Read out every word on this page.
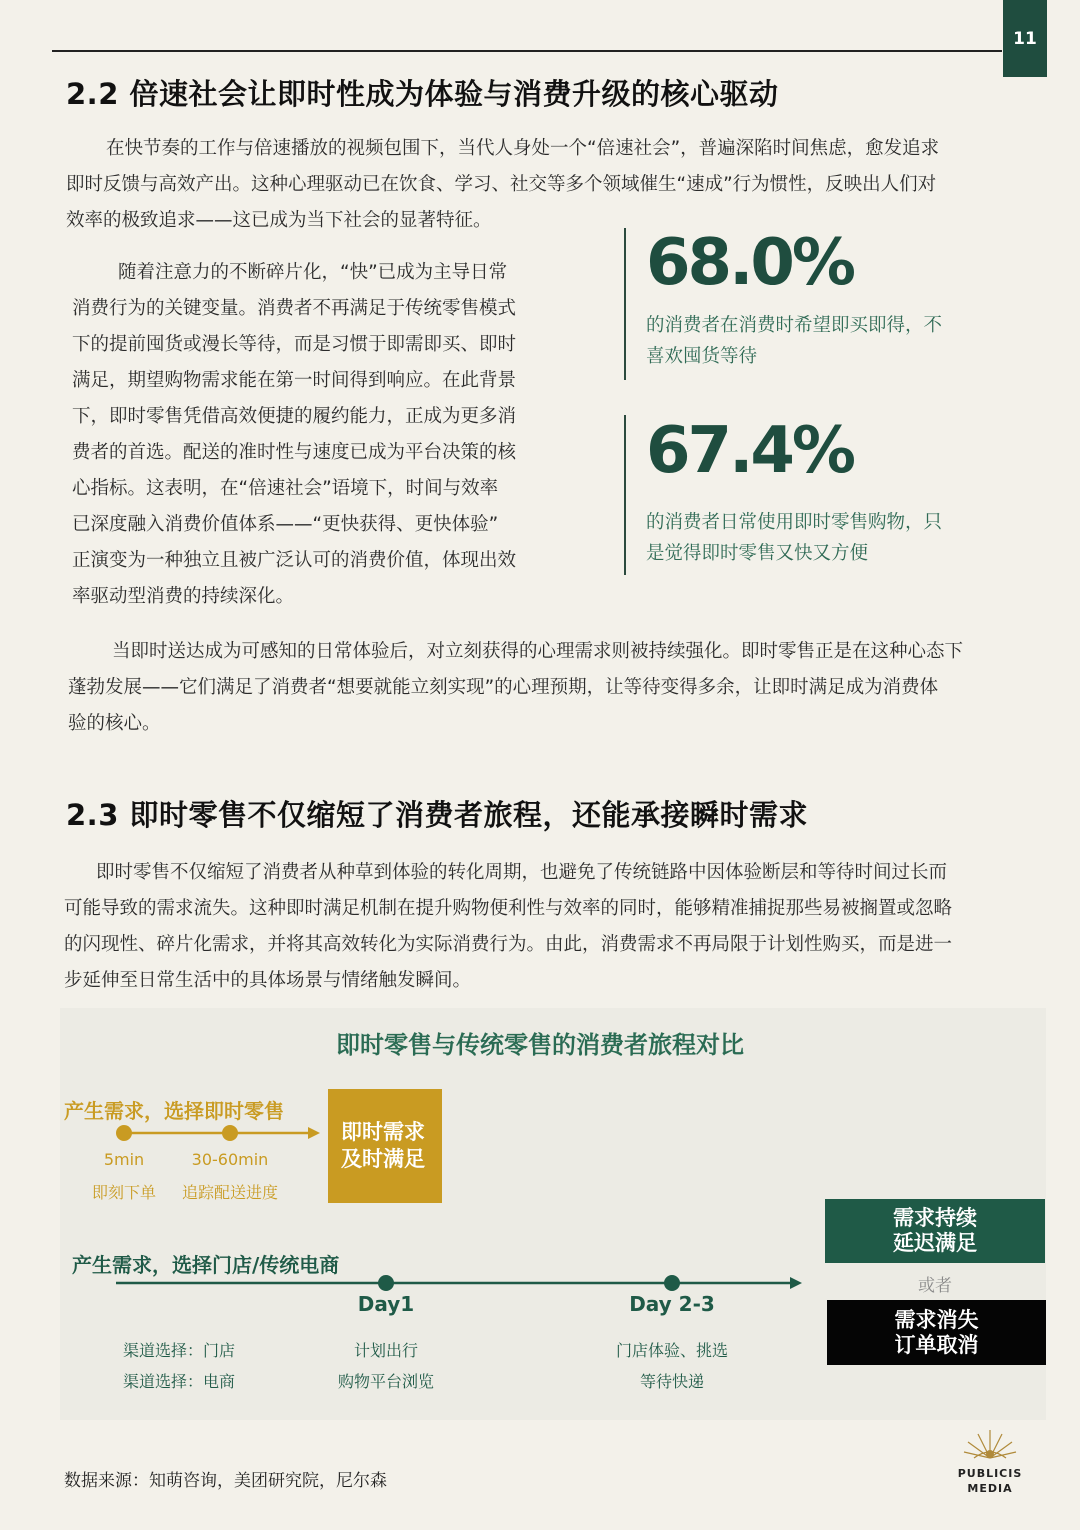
11
2.2 倍速社会让即时性成为体验与消费升级的核心驱动

在快节奏的工作与倍速播放的视频包围下，当代人身处一个“倍速社会”，普遍深陷时间焦虑，愈发追求

即时反馈与高效产出。这种心理驱动已在饮食、学习、社交等多个领域催生“速成”行为惯性，反映出人们对

效率的极致追求——这已成为当下社会的显著特征。

随着注意力的不断碎片化，“快”已成为主导日常

消费行为的关键变量。消费者不再满足于传统零售模式

下的提前囤货或漫长等待，而是习惯于即需即买、即时

满足，期望购物需求能在第一时间得到响应。在此背景

下，即时零售凭借高效便捷的履约能力，正成为更多消

费者的首选。配送的准时性与速度已成为平台决策的核

心指标。这表明，在“倍速社会”语境下，时间与效率

已深度融入消费价值体系——“更快获得、更快体验”

正演变为一种独立且被广泛认可的消费价值，体现出效

率驱动型消费的持续深化。

68.0%
的消费者在消费时希望即买即得，不
喜欢囤货等待
67.4%
的消费者日常使用即时零售购物，只
是觉得即时零售又快又方便

当即时送达成为可感知的日常体验后，对立刻获得的心理需求则被持续强化。即时零售正是在这种心态下

蓬勃发展——它们满足了消费者“想要就能立刻实现”的心理预期，让等待变得多余，让即时满足成为消费体

验的核心。

2.3 即时零售不仅缩短了消费者旅程，还能承接瞬时需求

即时零售不仅缩短了消费者从种草到体验的转化周期，也避免了传统链路中因体验断层和等待时间过长而

可能导致的需求流失。这种即时满足机制在提升购物便利性与效率的同时，能够精准捕捉那些易被搁置或忽略

的闪现性、碎片化需求，并将其高效转化为实际消费行为。由此，消费需求不再局限于计划性购买，而是进一

步延伸至日常生活中的具体场景与情绪触发瞬间。

即时零售与传统零售的消费者旅程对比
产生需求，选择即时零售
5min	30-60min
即刻下单	追踪配送进度
即时需求
及时满足
产生需求，选择门店/传统电商
Day1	Day 2-3
渠道选择：门店
渠道选择：电商
计划出行
购物平台浏览
门店体验、挑选
等待快递
需求持续
延迟满足
或者
需求消失
订单取消
数据来源：知萌咨询，美团研究院，尼尔森	PUBLICIS
MEDIA
